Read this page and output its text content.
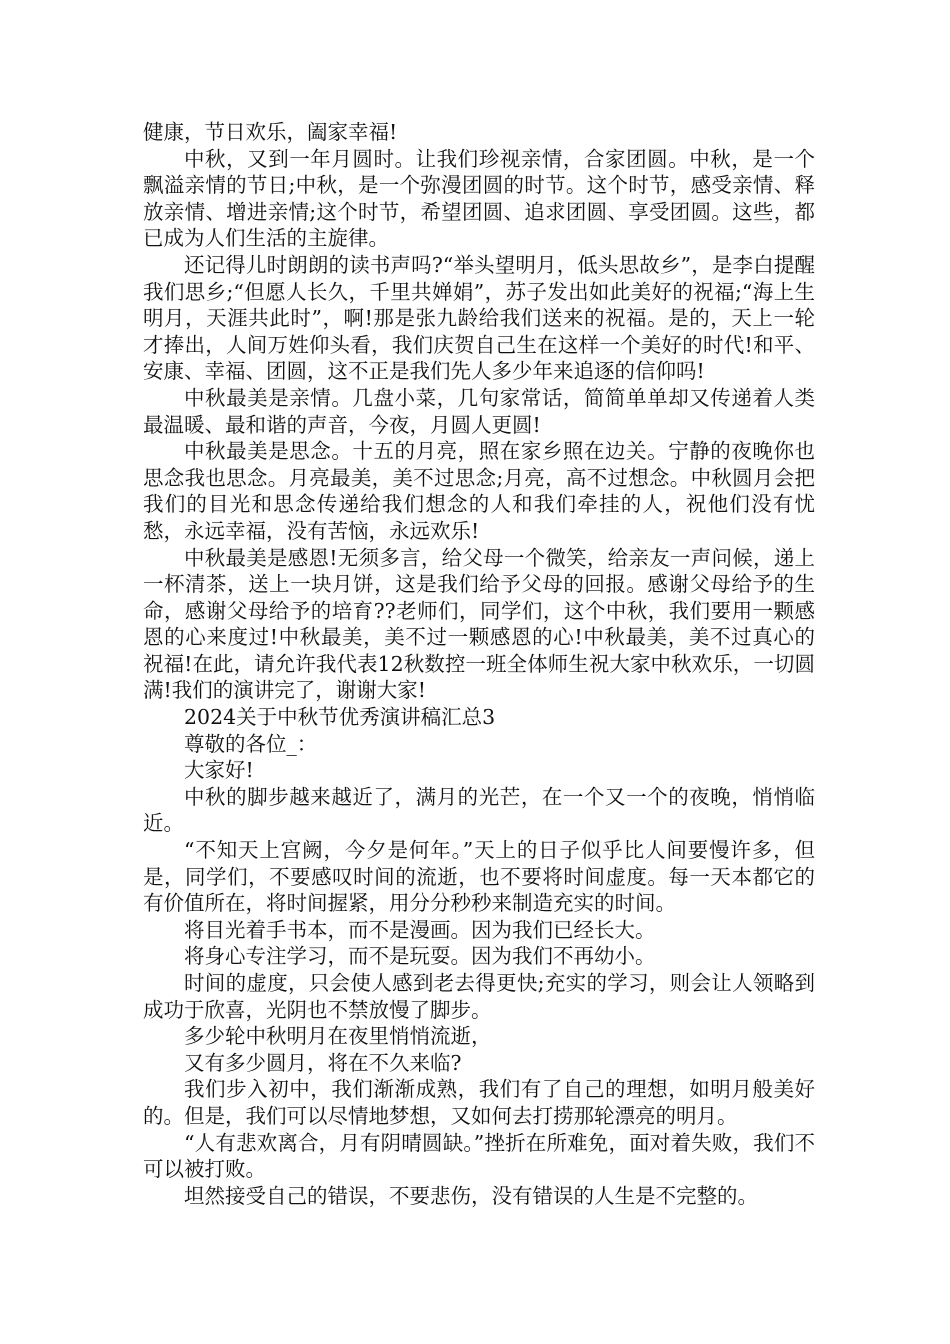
健康，节日欢乐，阖家幸福!

中秋，又到一年月圆时。让我们珍视亲情，合家团圆。中秋，是一个飘溢亲情的节日;中秋，是一个弥漫团圆的时节。这个时节，感受亲情、释放亲情、增进亲情;这个时节，希望团圆、追求团圆、享受团圆。这些，都已成为人们生活的主旋律。

还记得儿时朗朗的读书声吗?“举头望明月，低头思故乡”，是李白提醒我们思乡;“但愿人长久，千里共婵娟”，苏子发出如此美好的祝福;“海上生明月，天涯共此时”，啊!那是张九龄给我们送来的祝福。是的，天上一轮才捧出，人间万姓仰头看，我们庆贺自己生在这样一个美好的时代!和平、安康、幸福、团圆，这不正是我们先人多少年来追逐的信仰吗!

中秋最美是亲情。几盘小菜，几句家常话，简简单单却又传递着人类最温暖、最和谐的声音，今夜，月圆人更圆!

中秋最美是思念。十五的月亮，照在家乡照在边关。宁静的夜晚你也思念我也思念。月亮最美，美不过思念;月亮，高不过想念。中秋圆月会把我们的目光和思念传递给我们想念的人和我们牵挂的人，祝他们没有忧愁，永远幸福，没有苦恼，永远欢乐!

中秋最美是感恩!无须多言，给父母一个微笑，给亲友一声问候，递上一杯清茶，送上一块月饼，这是我们给予父母的回报。感谢父母给予的生命，感谢父母给予的培育??老师们，同学们，这个中秋，我们要用一颗感恩的心来度过!中秋最美，美不过一颗感恩的心!中秋最美，美不过真心的祝福!在此，请允许我代表12秋数控一班全体师生祝大家中秋欢乐，一切圆满!我们的演讲完了，谢谢大家!

2024关于中秋节优秀演讲稿汇总3

尊敬的各位_：

大家好!

中秋的脚步越来越近了，满月的光芒，在一个又一个的夜晚，悄悄临近。

“不知天上宫阙，今夕是何年。”天上的日子似乎比人间要慢许多，但是，同学们，不要感叹时间的流逝，也不要将时间虚度。每一天本都它的有价值所在，将时间握紧，用分分秒秒来制造充实的时间。

将目光着手书本，而不是漫画。因为我们已经长大。

将身心专注学习，而不是玩耍。因为我们不再幼小。

时间的虚度，只会使人感到老去得更快;充实的学习，则会让人领略到成功于欣喜，光阴也不禁放慢了脚步。

多少轮中秋明月在夜里悄悄流逝，

又有多少圆月，将在不久来临?

我们步入初中，我们渐渐成熟，我们有了自己的理想，如明月般美好的。但是，我们可以尽情地梦想，又如何去打捞那轮漂亮的明月。

“人有悲欢离合，月有阴晴圆缺。”挫折在所难免，面对着失败，我们不可以被打败。

坦然接受自己的错误，不要悲伤，没有错误的人生是不完整的。
